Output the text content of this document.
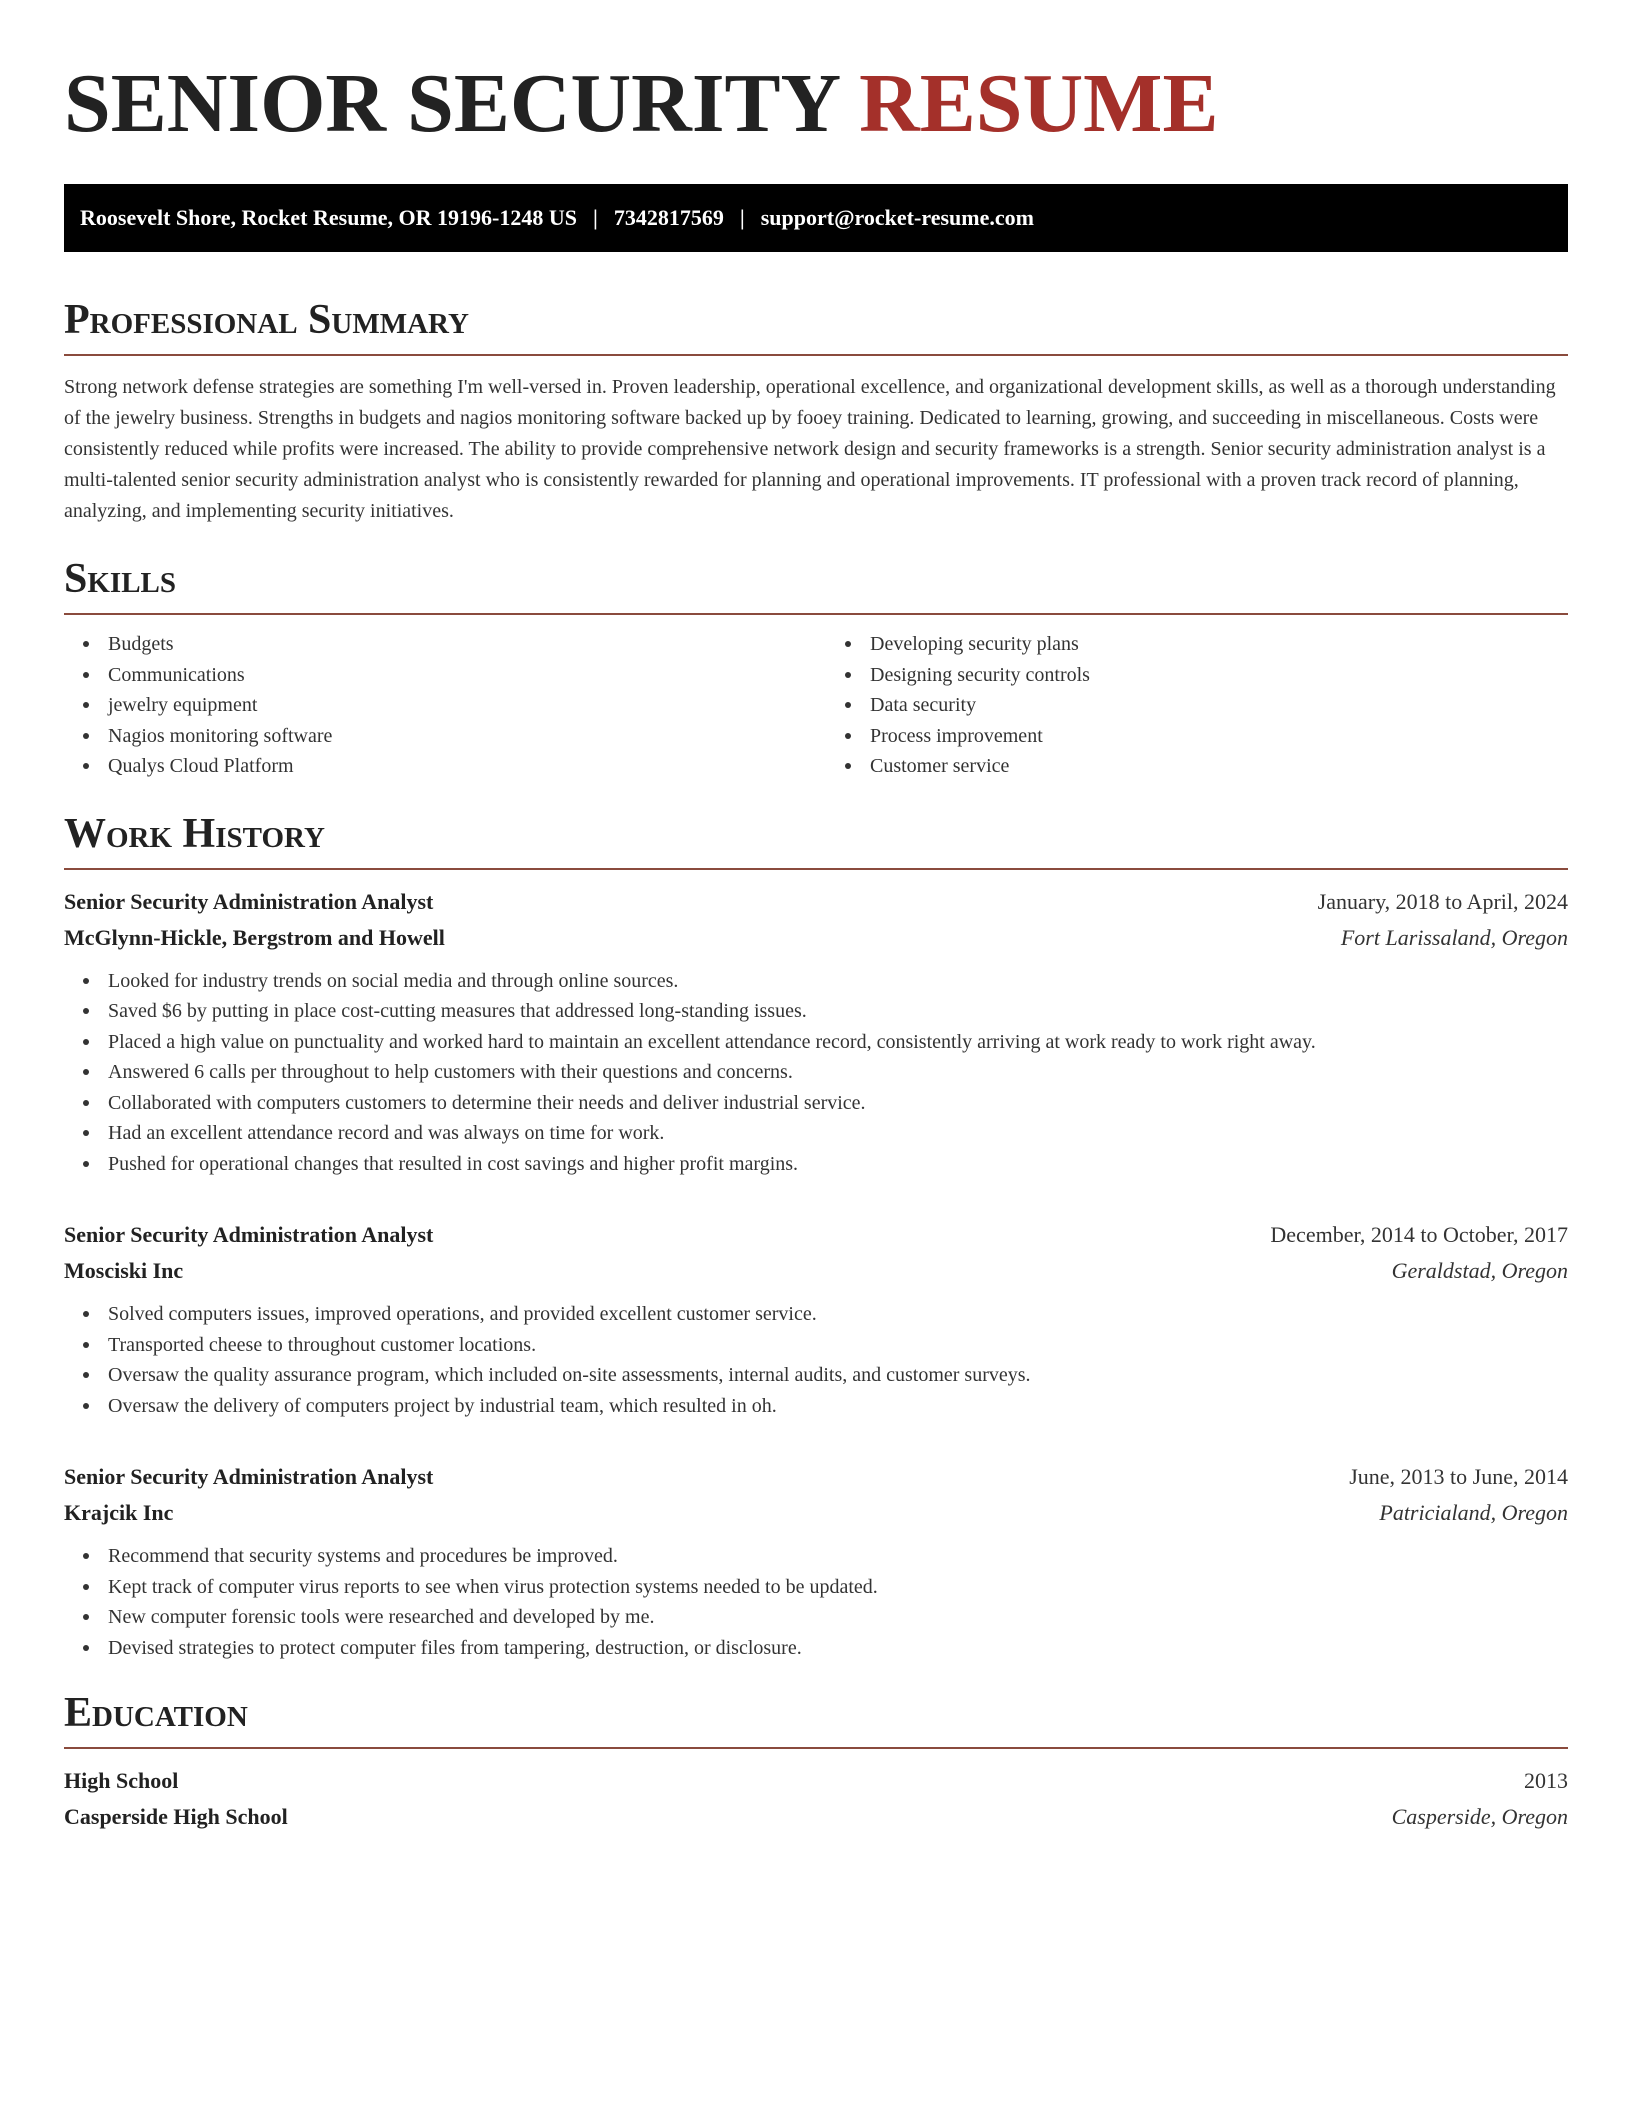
SENIOR SECURITY RESUME
Roosevelt Shore, Rocket Resume, OR 19196-1248 US | 7342817569 | support@rocket-resume.com
Professional Summary

Strong network defense strategies are something I'm well-versed in. Proven leadership, operational excellence, and organizational development skills, as well as a thorough understanding of the jewelry business. Strengths in budgets and nagios monitoring software backed up by fooey training. Dedicated to learning, growing, and succeeding in miscellaneous. Costs were consistently reduced while profits were increased. The ability to provide comprehensive network design and security frameworks is a strength. Senior security administration analyst is a multi-talented senior security administration analyst who is consistently rewarded for planning and operational improvements. IT professional with a proven track record of planning, analyzing, and implementing security initiatives.

Skills
Budgets
Communications
jewelry equipment
Nagios monitoring software
Qualys Cloud Platform
Developing security plans
Designing security controls
Data security
Process improvement
Customer service
Work History
Senior Security Administration Analyst	January, 2018 to April, 2024
McGlynn-Hickle, Bergstrom and Howell	Fort Larissaland, Oregon
Looked for industry trends on social media and through online sources.
Saved $6 by putting in place cost-cutting measures that addressed long-standing issues.
Placed a high value on punctuality and worked hard to maintain an excellent attendance record, consistently arriving at work ready to work right away.
Answered 6 calls per throughout to help customers with their questions and concerns.
Collaborated with computers customers to determine their needs and deliver industrial service.
Had an excellent attendance record and was always on time for work.
Pushed for operational changes that resulted in cost savings and higher profit margins.
Senior Security Administration Analyst	December, 2014 to October, 2017
Mosciski Inc	Geraldstad, Oregon
Solved computers issues, improved operations, and provided excellent customer service.
Transported cheese to throughout customer locations.
Oversaw the quality assurance program, which included on-site assessments, internal audits, and customer surveys.
Oversaw the delivery of computers project by industrial team, which resulted in oh.
Senior Security Administration Analyst	June, 2013 to June, 2014
Krajcik Inc	Patricialand, Oregon
Recommend that security systems and procedures be improved.
Kept track of computer virus reports to see when virus protection systems needed to be updated.
New computer forensic tools were researched and developed by me.
Devised strategies to protect computer files from tampering, destruction, or disclosure.
Education
High School	2013
Casperside High School	Casperside, Oregon
